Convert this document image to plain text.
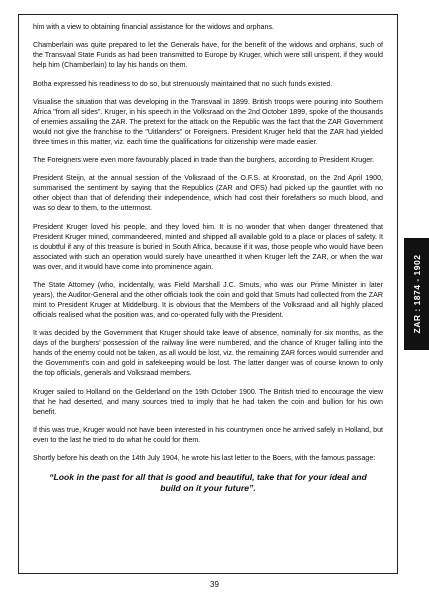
him with a view to obtaining financial assistance for the widows and orphans.

Chamberlain was quite prepared to let the Generals have, for the benefit of the widows and orphans, such of the Transvaal State Funds as had been transmitted to Europe by Kruger, which were still unspent, if they would help him (Chamberlain) to lay his hands on them.

Botha expressed his readiness to do so, but strenuously maintained that no such funds existed.

Visualise the situation that was developing in the Transvaal in 1899. British troops were pouring into Southern Africa "from all sides". Kruger, in his speech in the Volksraad on the 2nd October 1899, spoke of the thousands of enemies assailing the ZAR. The pretext for the attack on the Republic was the fact that the ZAR Government would not give the franchise to the "Uitlanders" or Foreigners. President Kruger held that the ZAR had yielded three times in this matter, viz. each time the qualifications for citizenship were made easier.

The Foreigners were even more favourably placed in trade than the burghers, according to President Kruger.

President Steijn, at the annual session of the Volksraad of the O.F.S. at Kroonstad, on the 2nd April 1900, summarised the sentiment by saying that the Republics (ZAR and OFS) had picked up the gauntlet with no other object than that of defending their independence, which had cost their forefathers so much blood, and was so dear to them, to the uttermost.

President Kruger loved his people, and they loved him. It is no wonder that when danger threatened that President Kruger mined, commandeered, minted and shipped all available gold to a place or places of safety. It is doubtful if any of this treasure is buried in South Africa, because if it was, those people who would have been associated with such an operation would surely have unearthed it when Kruger left the ZAR, or when the war was over, and it would have come into prominence again.

The State Attorney (who, incidentally, was Field Marshall J.C. Smuts, who was our Prime Minister in later years), the Auditor-General and the other officials took the coin and gold that Smuts had collected from the ZAR mint to President Kruger at Middelburg. It is obvious that the Members of the Volksraad and all highly placed officials realised what the position was, and co-operated fully with the President.

It was decided by the Government that Kruger should take leave of absence, nominally for six months, as the days of the burghers' possession of the railway line were numbered, and the chance of Kruger falling into the hands of the enemy could not be taken, as all would be lost, viz. the remaining ZAR forces would surrender and the Government's coin and gold in safekeeping would be lost. The latter danger was of course known to only the top officials, generals and Volksraad members.

Kruger sailed to Holland on the Gelderland on the 19th October 1900. The British tried to encourage the view that he had deserted, and many sources tried to imply that he had taken the coin and bullion for his own benefit.

If this was true, Kruger would not have been interested in his countrymen once he arrived safely in Holland, but even to the last he tried to do what he could for them.

Shortly before his death on the 14th July 1904, he wrote his last letter to the Boers, with the famous passage:

“Look in the past for all that is good and beautiful, take that for your ideal and build on it your future”.
39
ZAR : 1874 - 1902
